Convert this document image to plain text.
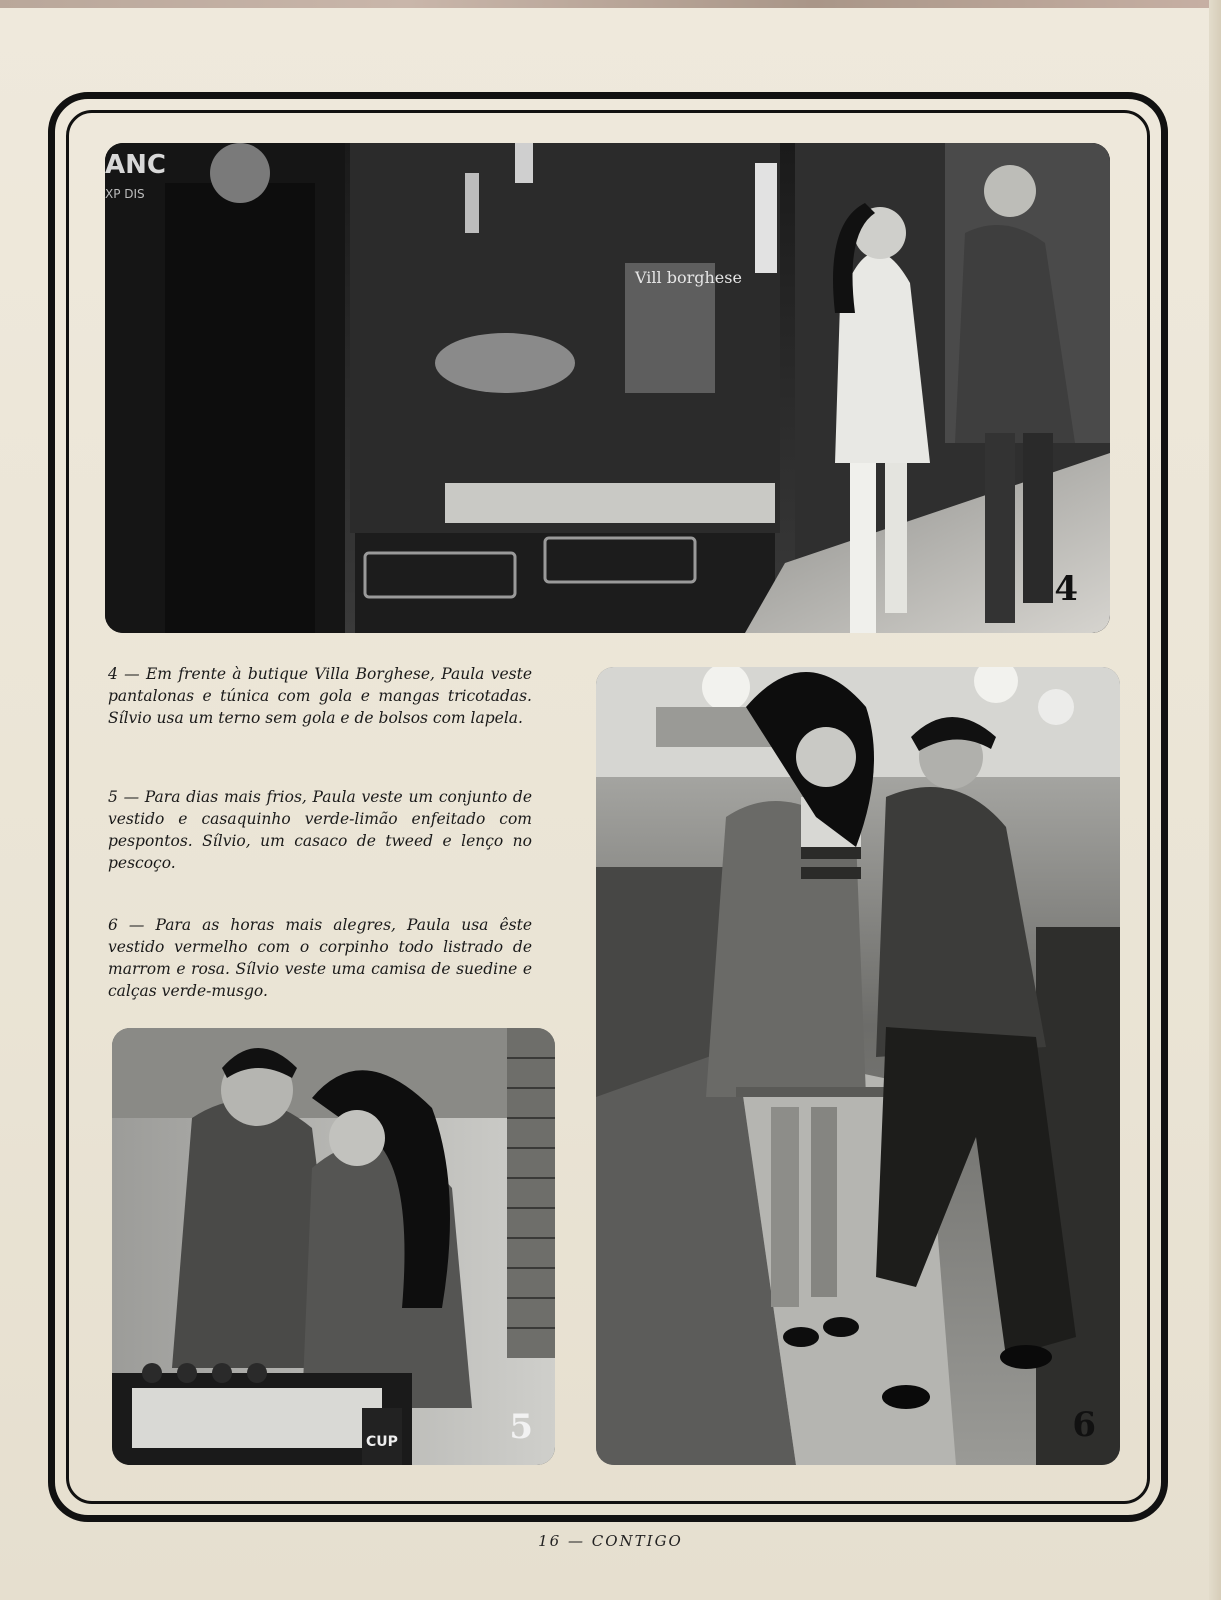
ANC
XP DIS
Vill borghese
4

4 — Em frente à butique Villa Borghese, Paula veste pantalonas e túnica com gola e mangas tricotadas. Sílvio usa um terno sem gola e de bolsos com lapela.

5 — Para dias mais frios, Paula veste um conjunto de vestido e casaquinho verde-limão enfeitado com pespontos. Sílvio, um casaco de tweed e lenço no pescoço.

6 — Para as horas mais alegres, Paula usa êste vestido vermelho com o corpinho todo listrado de marrom e rosa. Sílvio veste uma camisa de suedine e calças verde-musgo.

CUP	5	6
16 — CONTIGO
